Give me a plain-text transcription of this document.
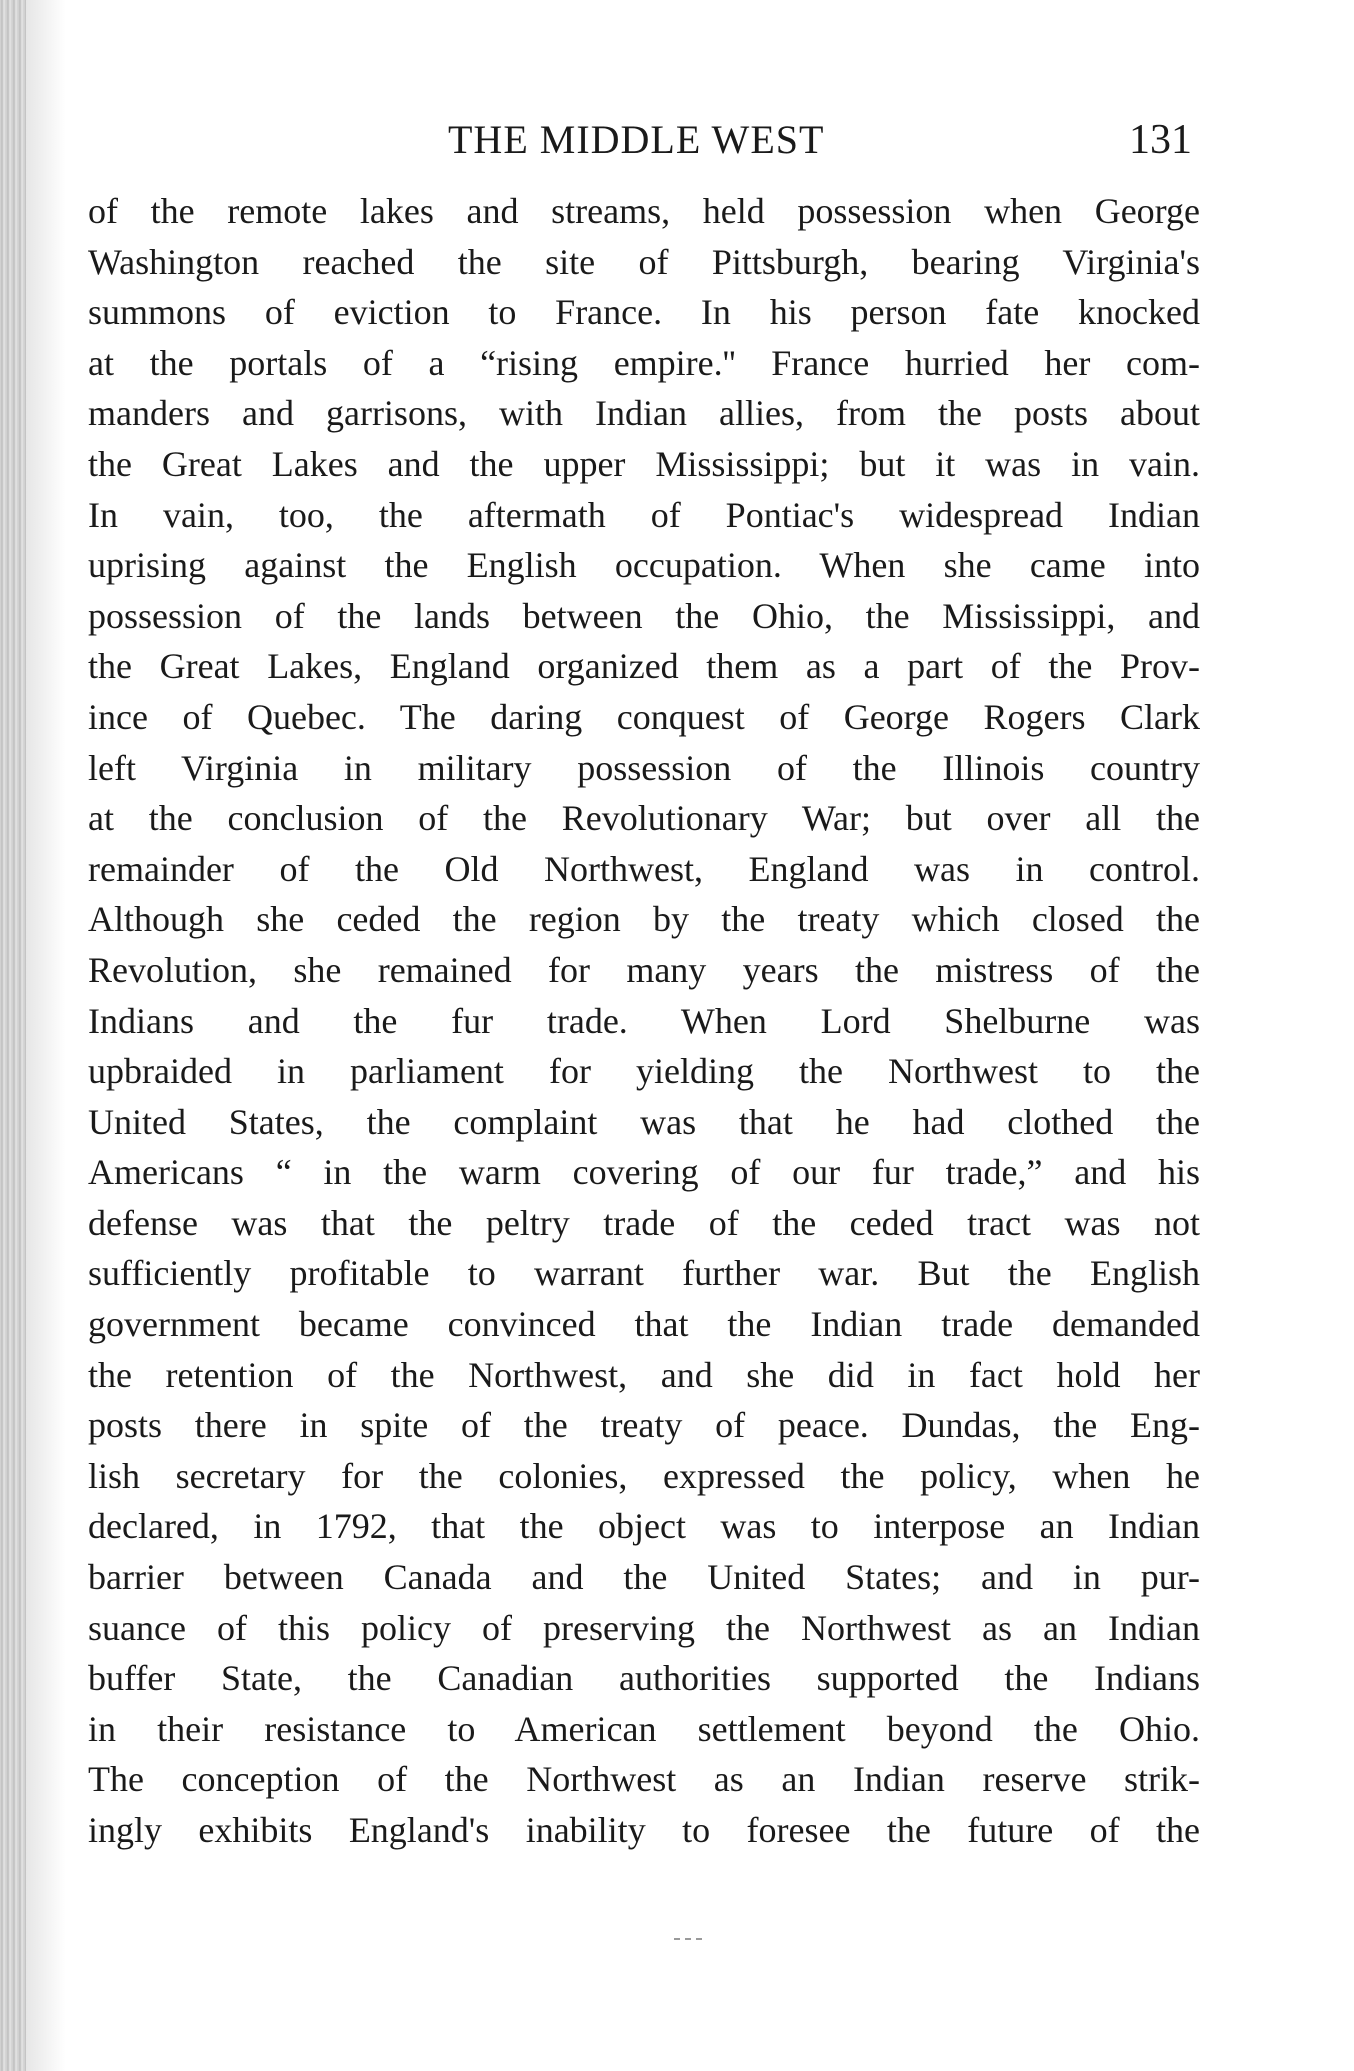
THE MIDDLE WEST	131
of the remote lakes and streams, held possession when George
Washington reached the site of Pittsburgh, bearing Virginia's
summons of eviction to France. In his person fate knocked
at the portals of a “rising empire.'' France hurried her com-
manders and garrisons, with Indian allies, from the posts about
the Great Lakes and the upper Mississippi; but it was in vain.
In vain, too, the aftermath of Pontiac's widespread Indian
uprising against the English occupation. When she came into
possession of the lands between the Ohio, the Mississippi, and
the Great Lakes, England organized them as a part of the Prov-
ince of Quebec. The daring conquest of George Rogers Clark
left Virginia in military possession of the Illinois country
at the conclusion of the Revolutionary War; but over all the
remainder of the Old Northwest, England was in control.
Although she ceded the region by the treaty which closed the
Revolution, she remained for many years the mistress of the
Indians and the fur trade. When Lord Shelburne was
upbraided in parliament for yielding the Northwest to the
United States, the complaint was that he had clothed the
Americans “ in the warm covering of our fur trade,” and his
defense was that the peltry trade of the ceded tract was not
sufficiently profitable to warrant further war. But the English
government became convinced that the Indian trade demanded
the retention of the Northwest, and she did in fact hold her
posts there in spite of the treaty of peace. Dundas, the Eng-
lish secretary for the colonies, expressed the policy, when he
declared, in 1792, that the object was to interpose an Indian
barrier between Canada and the United States; and in pur-
suance of this policy of preserving the Northwest as an Indian
buffer State, the Canadian authorities supported the Indians
in their resistance to American settlement beyond the Ohio.
The conception of the Northwest as an Indian reserve strik-
ingly exhibits England's inability to foresee the future of the
